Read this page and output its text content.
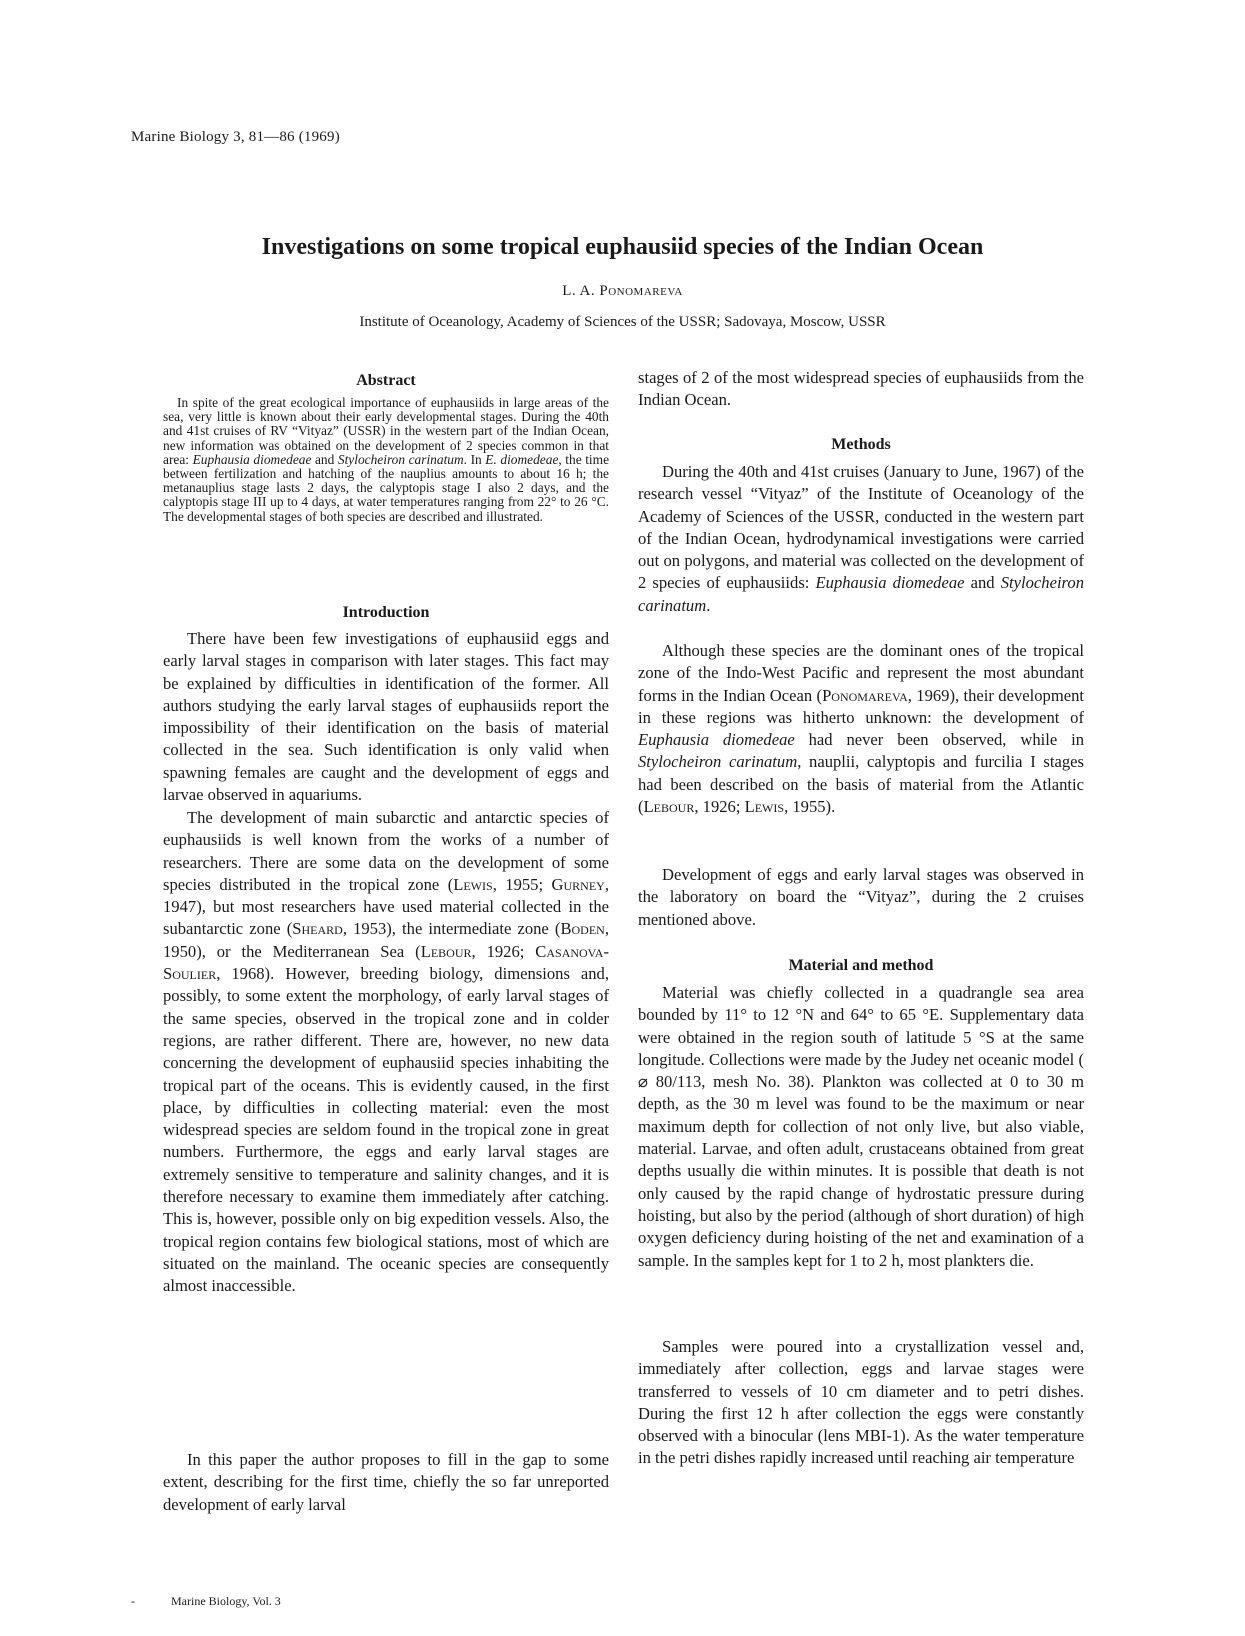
Marine Biology 3, 81—86 (1969)
Investigations on some tropical euphausiid species of the Indian Ocean
L. A. Ponomareva
Institute of Oceanology, Academy of Sciences of the USSR; Sadovaya, Moscow, USSR
Abstract
In spite of the great ecological importance of euphausiids in large areas of the sea, very little is known about their early developmental stages. During the 40th and 41st cruises of RV “Vityaz” (USSR) in the western part of the Indian Ocean, new information was obtained on the development of 2 species common in that area: Euphausia diomedeae and Stylocheiron carinatum. In E. diomedeae, the time between fertilization and hatching of the nauplius amounts to about 16 h; the metanauplius stage lasts 2 days, the calyptopis stage I also 2 days, and the calyptopis stage III up to 4 days, at water temperatures ranging from 22° to 26 °C. The developmental stages of both species are described and illustrated.
Introduction
There have been few investigations of euphausiid eggs and early larval stages in comparison with later stages. This fact may be explained by difficulties in identification of the former. All authors studying the early larval stages of euphausiids report the impossibility of their identification on the basis of material collected in the sea. Such identification is only valid when spawning females are caught and the development of eggs and larvae observed in aquariums.
The development of main subarctic and antarctic species of euphausiids is well known from the works of a number of researchers. There are some data on the development of some species distributed in the tropical zone (Lewis, 1955; Gurney, 1947), but most researchers have used material collected in the subantarctic zone (Sheard, 1953), the intermediate zone (Boden, 1950), or the Mediterranean Sea (Lebour, 1926; Casanova-Soulier, 1968). However, breeding biology, dimensions and, possibly, to some extent the morphology, of early larval stages of the same species, observed in the tropical zone and in colder regions, are rather different. There are, however, no new data concerning the development of euphausiid species inhabiting the tropical part of the oceans. This is evidently caused, in the first place, by difficulties in collecting material: even the most widespread species are seldom found in the tropical zone in great numbers. Furthermore, the eggs and early larval stages are extremely sensitive to temperature and salinity changes, and it is therefore necessary to examine them immediately after catching. This is, however, possible only on big expedition vessels. Also, the tropical region contains few biological stations, most of which are situated on the mainland. The oceanic species are consequently almost inaccessible.
In this paper the author proposes to fill in the gap to some extent, describing for the first time, chiefly the so far unreported development of early larval
stages of 2 of the most widespread species of euphausiids from the Indian Ocean.
Methods
During the 40th and 41st cruises (January to June, 1967) of the research vessel “Vityaz” of the Institute of Oceanology of the Academy of Sciences of the USSR, conducted in the western part of the Indian Ocean, hydrodynamical investigations were carried out on polygons, and material was collected on the development of 2 species of euphausiids: Euphausia diomedeae and Stylocheiron carinatum.
Although these species are the dominant ones of the tropical zone of the Indo-West Pacific and represent the most abundant forms in the Indian Ocean (Ponomareva, 1969), their development in these regions was hitherto unknown: the development of Euphausia diomedeae had never been observed, while in Stylocheiron carinatum, nauplii, calyptopis and furcilia I stages had been described on the basis of material from the Atlantic (Lebour, 1926; Lewis, 1955).
Development of eggs and early larval stages was observed in the laboratory on board the “Vityaz”, during the 2 cruises mentioned above.
Material and method
Material was chiefly collected in a quadrangle sea area bounded by 11° to 12 °N and 64° to 65 °E. Supplementary data were obtained in the region south of latitude 5 °S at the same longitude. Collections were made by the Judey net oceanic model ( ⌀ 80/113, mesh No. 38). Plankton was collected at 0 to 30 m depth, as the 30 m level was found to be the maximum or near maximum depth for collection of not only live, but also viable, material. Larvae, and often adult, crustaceans obtained from great depths usually die within minutes. It is possible that death is not only caused by the rapid change of hydrostatic pressure during hoisting, but also by the period (although of short duration) of high oxygen deficiency during hoisting of the net and examination of a sample. In the samples kept for 1 to 2 h, most plankters die.
Samples were poured into a crystallization vessel and, immediately after collection, eggs and larvae stages were transferred to vessels of 10 cm diameter and to petri dishes. During the first 12 h after collection the eggs were constantly observed with a binocular (lens MBI-1). As the water temperature in the petri dishes rapidly increased until reaching air temperature
-	Marine Biology, Vol. 3
